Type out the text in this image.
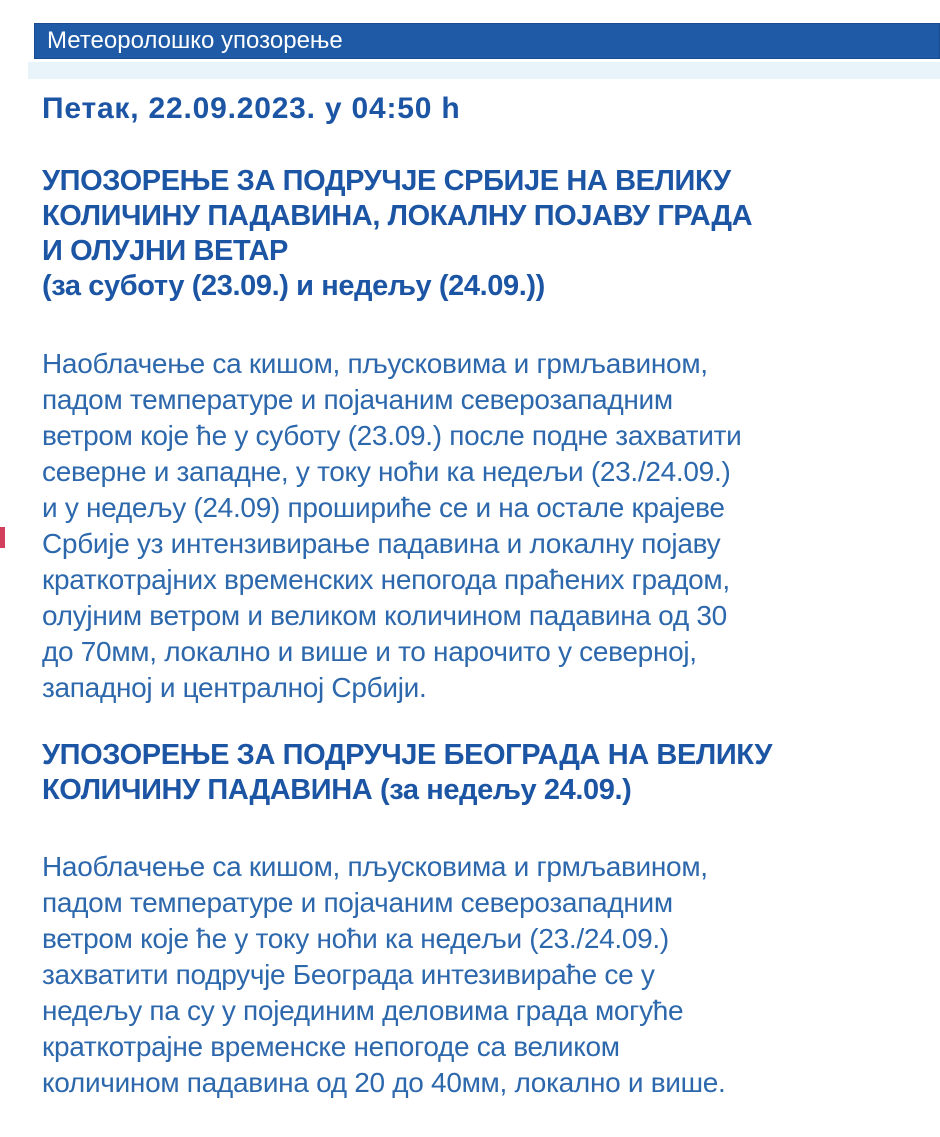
Метеоролошко упозорење
Петак, 22.09.2023. у 04:50 h
УПОЗОРЕЊЕ ЗА ПОДРУЧЈЕ СРБИЈЕ НА ВЕЛИКУ
КОЛИЧИНУ ПАДАВИНА, ЛОКАЛНУ ПОЈАВУ ГРАДА
И ОЛУЈНИ ВЕТАР
(за суботу (23.09.) и недељу (24.09.))
Наоблачење са кишом, пљусковима и грмљавином,
падом температуре и појачаним северозападним
ветром које ће у суботу (23.09.) после подне захватити
северне и западне, у току ноћи ка недељи (23./24.09.)
и у недељу (24.09) прошириће се и на остале крајеве
Србије уз интензивирање падавина и локалну појаву
краткотрајних временских непогода праћених градом,
олујним ветром и великом количином падавина од 30
до 70мм, локално и више и то нарочито у северној,
западној и централној Србији.
УПОЗОРЕЊЕ ЗА ПОДРУЧЈЕ БЕОГРАДА НА ВЕЛИКУ
КОЛИЧИНУ ПАДАВИНА (за недељу 24.09.)
Наоблачење са кишом, пљусковима и грмљавином,
падом температуре и појачаним северозападним
ветром које ће у току ноћи ка недељи (23./24.09.)
захватити подручје Београда интезивираће се у
недељу па су у појединим деловима града могуће
краткотрајне временске непогоде са великом
количином падавина од 20 до 40мм, локално и више.
